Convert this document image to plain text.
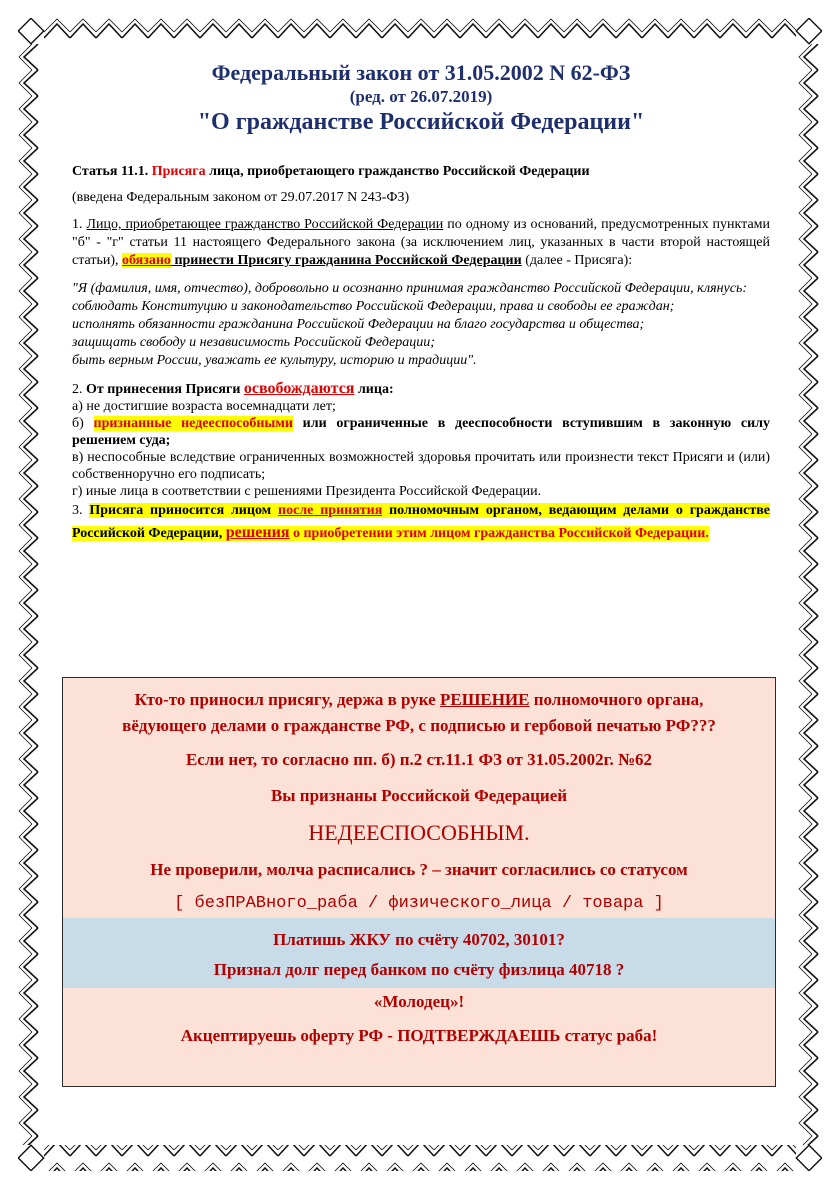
Федеральный закон от 31.05.2002 N 62-ФЗ

(ред. от 26.07.2019)

"О гражданстве Российской Федерации"

Статья 11.1. Присяга лица, приобретающего гражданство Российской Федерации

(введена Федеральным законом от 29.07.2017 N 243-ФЗ)

1. Лицо, приобретающее гражданство Российской Федерации по одному из оснований, предусмотренных пунктами "б" - "г" статьи 11 настоящего Федерального закона (за исключением лиц, указанных в части второй настоящей статьи), обязано принести Присягу гражданина Российской Федерации (далее - Присяга):

"Я (фамилия, имя, отчество), добровольно и осознанно принимая гражданство Российской Федерации, клянусь:
соблюдать Конституцию и законодательство Российской Федерации, права и свободы ее граждан;
исполнять обязанности гражданина Российской Федерации на благо государства и общества;
защищать свободу и независимость Российской Федерации;
быть верным России, уважать ее культуру, историю и традиции".
2. От принесения Присяги освобождаются лица:
а) не достигшие возраста восемнадцати лет;
б) признанные недееспособными или ограниченные в дееспособности вступившим в законную силу решением суда;
в) неспособные вследствие ограниченных возможностей здоровья прочитать или произнести текст Присяги и (или) собственноручно его подписать;
г) иные лица в соответствии с решениями Президента Российской Федерации.
3. Присяга приносится лицом после принятия полномочным органом, ведающим делами о гражданстве Российской Федерации, решения о приобретении этим лицом гражданства Российской Федерации.
Кто-то приносил присягу, держа в руке РЕШЕНИЕ полномочного органа,
вёдующего делами о гражданстве РФ, с подписью и гербовой печатью РФ???
Если нет, то согласно пп. б) п.2 ст.11.1 ФЗ от 31.05.2002г. №62
Вы признаны Российской Федерацией
НЕДЕЕСПОСОБНЫМ.
Не проверили, молча расписались ? – значит согласились со статусом
[ безПРАВного_раба / физического_лица / товара ]
Платишь ЖКУ по счёту 40702, 30101?
Признал долг перед банком по счёту физлица 40718 ?
«Молодец»!
Акцептируешь оферту РФ - ПОДТВЕРЖДАЕШЬ статус раба!
